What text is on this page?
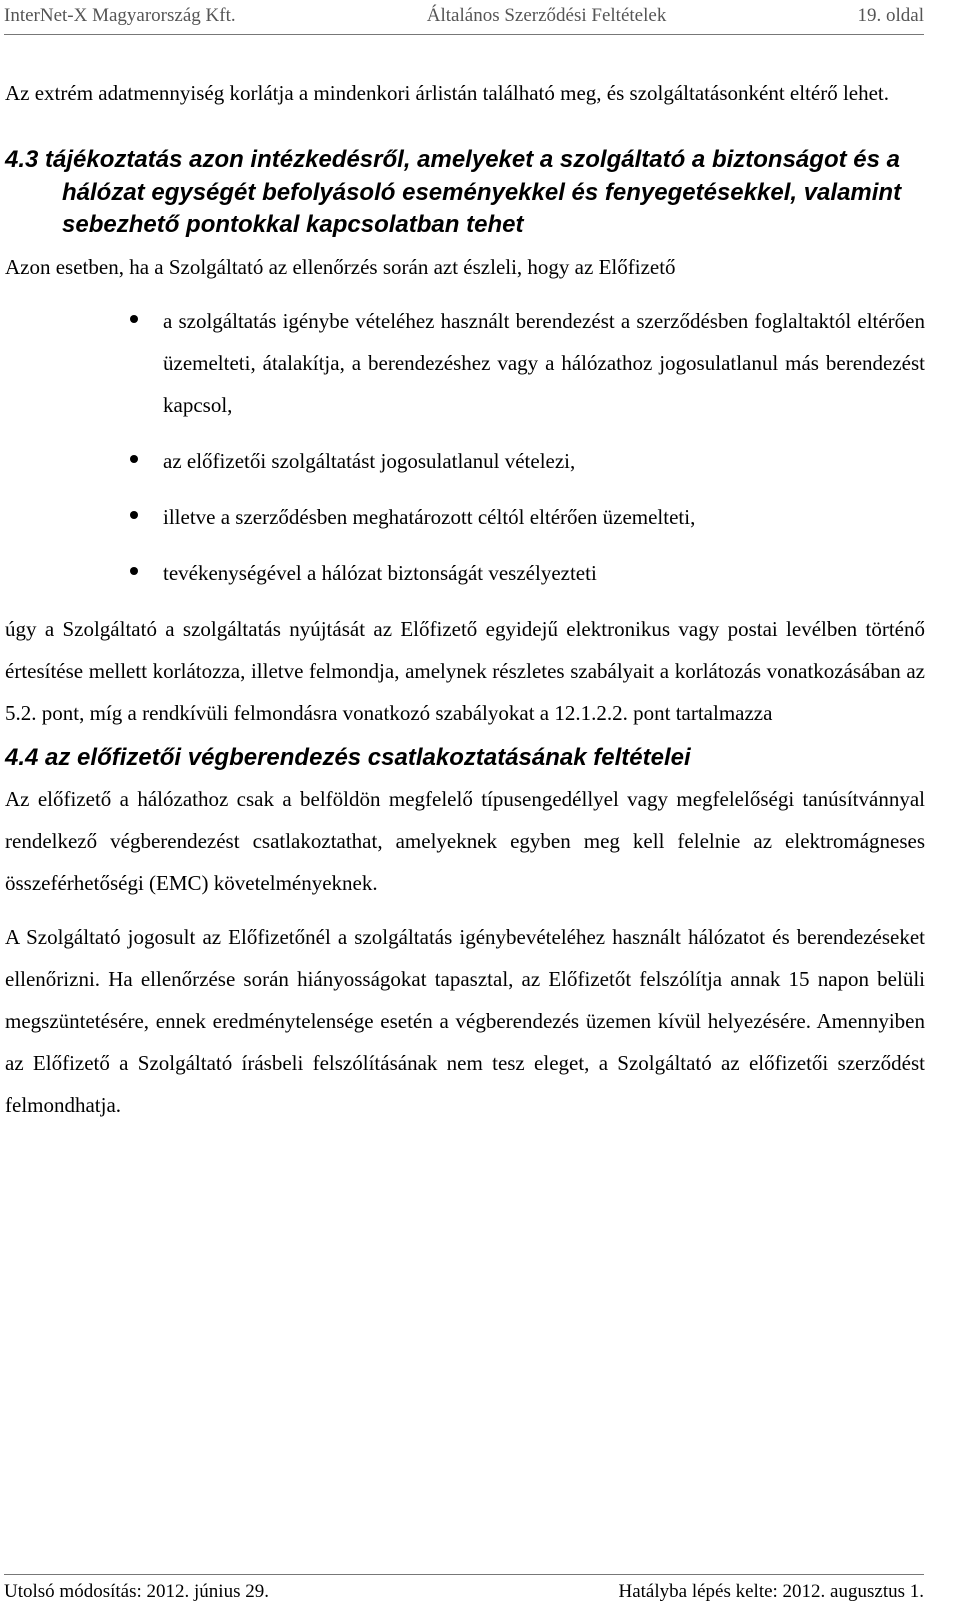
InterNet-X Magyarország Kft.	Általános Szerződési Feltételek	19. oldal

Az extrém adatmennyiség korlátja a mindenkori árlistán található meg, és szolgáltatásonként eltérő lehet.

4.3 tájékoztatás azon intézkedésről, amelyeket a szolgáltató a biztonságot és a hálózat egységét befolyásoló eseményekkel és fenyegetésekkel, valamint sebezhető pontokkal kapcsolatban tehet

Azon esetben, ha a Szolgáltató az ellenőrzés során azt észleli, hogy az Előfizető

a szolgáltatás igénybe vételéhez használt berendezést a szerződésben foglaltaktól eltérően üzemelteti, átalakítja, a berendezéshez vagy a hálózathoz jogosulatlanul más berendezést kapcsol,

az előfizetői szolgáltatást jogosulatlanul vételezi,

illetve a szerződésben meghatározott céltól eltérően üzemelteti,

tevékenységével a hálózat biztonságát veszélyezteti

úgy a Szolgáltató a szolgáltatás nyújtását az Előfizető egyidejű elektronikus vagy postai levélben történő értesítése mellett korlátozza, illetve felmondja, amelynek részletes szabályait a korlátozás vonatkozásában az 5.2. pont, míg a rendkívüli felmondásra vonatkozó szabályokat a 12.1.2.2. pont tartalmazza

4.4 az előfizetői végberendezés csatlakoztatásának feltételei

Az előfizető a hálózathoz csak a belföldön megfelelő típusengedéllyel vagy megfelelőségi tanúsítvánnyal rendelkező végberendezést csatlakoztathat, amelyeknek egyben meg kell felelnie az elektromágneses összeférhetőségi (EMC) követelményeknek.

A Szolgáltató jogosult az Előfizetőnél a szolgáltatás igénybevételéhez használt hálózatot és berendezéseket ellenőrizni. Ha ellenőrzése során hiányosságokat tapasztal, az Előfizetőt felszólítja annak 15 napon belüli megszüntetésére, ennek eredménytelensége esetén a végberendezés üzemen kívül helyezésére. Amennyiben az Előfizető a Szolgáltató írásbeli felszólításának nem tesz eleget, a Szolgáltató az előfizetői szerződést felmondhatja.

Utolsó módosítás: 2012. június 29.	Hatályba lépés kelte: 2012. augusztus 1.
